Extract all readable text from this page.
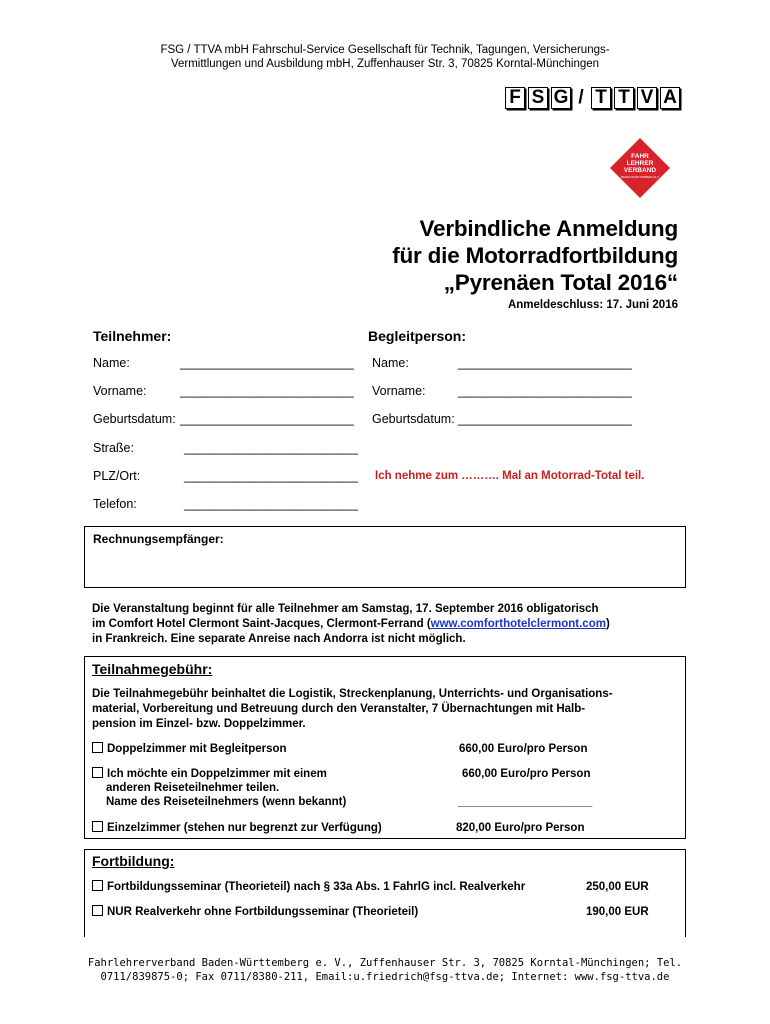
FSG / TTVA mbH Fahrschul-Service Gesellschaft für Technik, Tagungen, Versicherungs-
Vermittlungen und Ausbildung mbH, Zuffenhauser Str. 3, 70825 Korntal-Münchingen
F S G / T T V A
FAHR
LEHRER
VERBAND
BADEN-WÜRTTEMBERG E.V.
Verbindliche Anmeldung
für die Motorradfortbildung
„Pyrenäen Total 2016“
Anmeldeschluss: 17. Juni 2016
Teilnehmer:	Begleitperson:
Name:	_________________________ Name:	_________________________
Vorname:	_________________________ Vorname:	_________________________
Geburtsdatum: _________________________ Geburtsdatum: _________________________
Straße:	_________________________
PLZ/Ort:	_________________________ Ich nehme zum ………. Mal an Motorrad-Total teil.
Telefon:	_________________________
Rechnungsempfänger:
Die Veranstaltung beginnt für alle Teilnehmer am Samstag, 17. September 2016 obligatorisch
im Comfort Hotel Clermont Saint-Jacques, Clermont-Ferrand (www.comforthotelclermont.com)
in Frankreich. Eine separate Anreise nach Andorra ist nicht möglich.
Teilnahmegebühr:
Die Teilnahmegebühr beinhaltet die Logistik, Streckenplanung, Unterrichts- und Organisations-
material, Vorbereitung und Betreuung durch den Veranstalter, 7 Übernachtungen mit Halb-
pension im Einzel- bzw. Doppelzimmer.
Doppelzimmer mit Begleitperson	660,00 Euro/pro Person
Ich möchte ein Doppelzimmer mit einem	660,00 Euro/pro Person
anderen Reiseteilnehmer teilen.
Name des Reiseteilnehmers (wenn bekannt)	_____________________
Einzelzimmer (stehen nur begrenzt zur Verfügung)	820,00 Euro/pro Person
Fortbildung:
Fortbildungsseminar (Theorieteil) nach § 33a Abs. 1 FahrlG incl. Realverkehr	250,00 EUR
NUR Realverkehr ohne Fortbildungsseminar (Theorieteil)	190,00 EUR
Fahrlehrerverband Baden-Württemberg e. V., Zuffenhauser Str. 3, 70825 Korntal-Münchingen; Tel.
0711/839875-0; Fax 0711/8380-211, Email:u.friedrich@fsg-ttva.de; Internet: www.fsg-ttva.de
